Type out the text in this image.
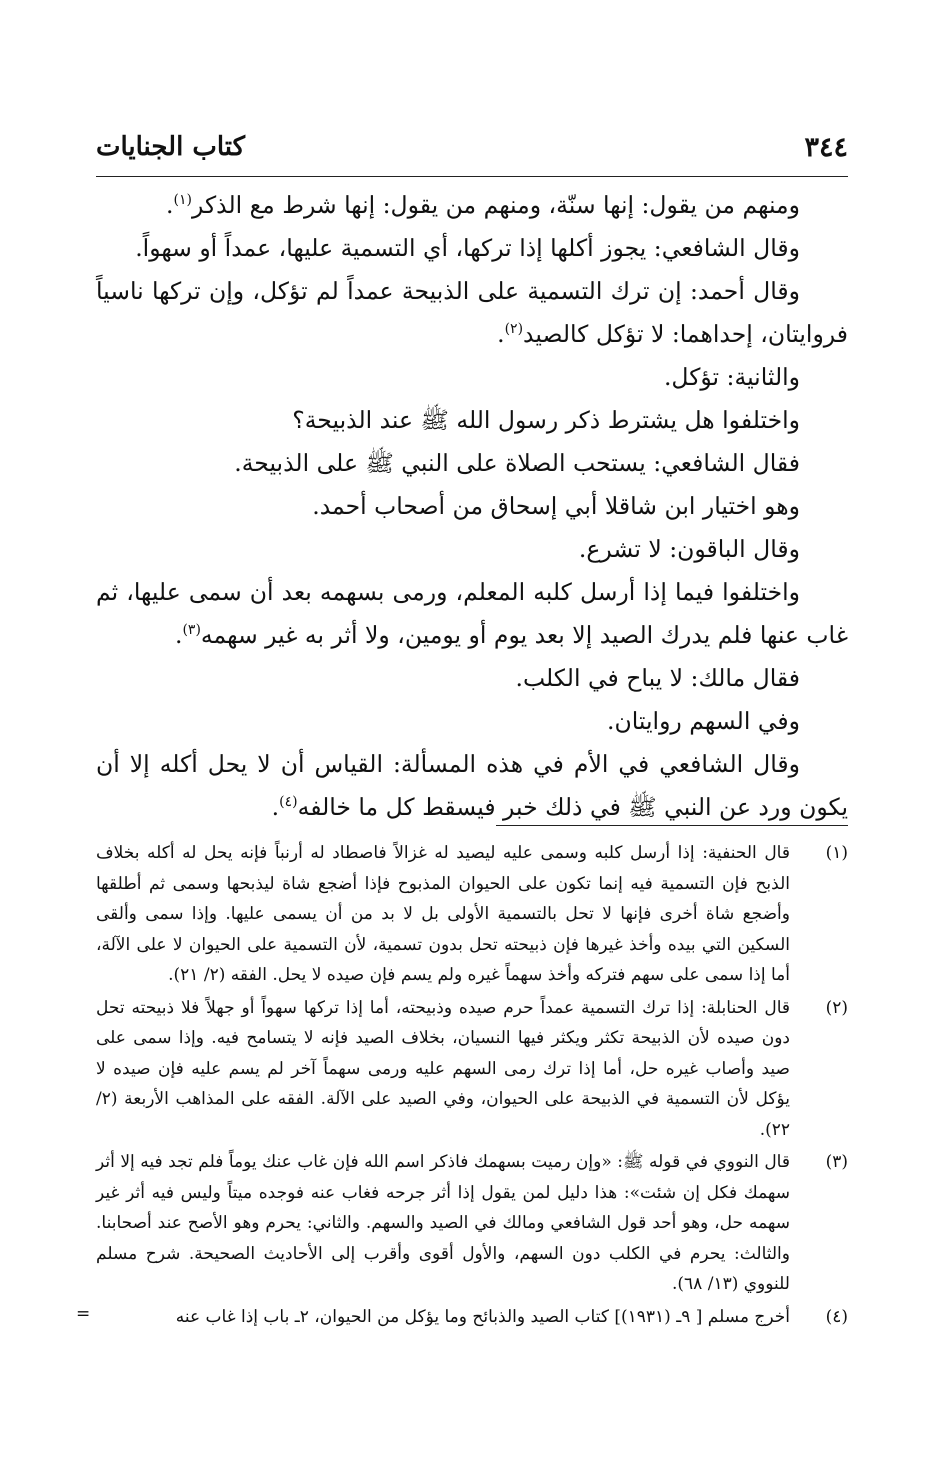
٣٤٤
كتاب الجنايات

ومنهم من يقول: إنها سنّة، ومنهم من يقول: إنها شرط مع الذكر$^{(١)}$.

وقال الشافعي: يجوز أكلها إذا تركها، أي التسمية عليها، عمداً أو سهواً.

وقال أحمد: إن ترك التسمية على الذبيحة عمداً لم تؤكل، وإن تركها ناسياً فروايتان، إحداهما: لا تؤكل كالصيد$^{(٢)}$.

والثانية: تؤكل.

واختلفوا هل يشترط ذكر رسول الله ﷺ عند الذبيحة؟

فقال الشافعي: يستحب الصلاة على النبي ﷺ على الذبيحة.

وهو اختيار ابن شاقلا أبي إسحاق من أصحاب أحمد.

وقال الباقون: لا تشرع.

واختلفوا فيما إذا أرسل كلبه المعلم، ورمى بسهمه بعد أن سمى عليها، ثم غاب عنها فلم يدرك الصيد إلا بعد يوم أو يومين، ولا أثر به غير سهمه$^{(٣)}$.

فقال مالك: لا يباح في الكلب.

وفي السهم روايتان.

وقال الشافعي في الأم في هذه المسألة: القياس أن لا يحل أكله إلا أن يكون ورد عن النبي ﷺ في ذلك خبر فيسقط كل ما خالفه$^{(٤)}$.

(١)
قال الحنفية: إذا أرسل كلبه وسمى عليه ليصيد له غزالاً فاصطاد له أرنباً فإنه يحل له أكله بخلاف الذبح فإن التسمية فيه إنما تكون على الحيوان المذبوح فإذا أضجع شاة ليذبحها وسمى ثم أطلقها وأضجع شاة أخرى فإنها لا تحل بالتسمية الأولى بل لا بد من أن يسمى عليها. وإذا سمى وألقى السكين التي بيده وأخذ غيرها فإن ذبيحته تحل بدون تسمية، لأن التسمية على الحيوان لا على الآلة، أما إذا سمى على سهم فتركه وأخذ سهماً غيره ولم يسم فإن صيده لا يحل. الفقه (٢/ ٢١).
(٢)
قال الحنابلة: إذا ترك التسمية عمداً حرم صيده وذبيحته، أما إذا تركها سهواً أو جهلاً فلا ذبيحته تحل دون صيده لأن الذبيحة تكثر ويكثر فيها النسيان، بخلاف الصيد فإنه لا يتسامح فيه. وإذا سمى على صيد وأصاب غيره حل، أما إذا ترك رمى السهم عليه ورمى سهماً آخر لم يسم عليه فإن صيده لا يؤكل لأن التسمية في الذبيحة على الحيوان، وفي الصيد على الآلة. الفقه على المذاهب الأربعة (٢/ ٢٢).
(٣)
قال النووي في قوله ﷺ: «وإن رميت بسهمك فاذكر اسم الله فإن غاب عنك يوماً فلم تجد فيه إلا أثر سهمك فكل إن شئت»: هذا دليل لمن يقول إذا أثر جرحه فغاب عنه فوجده ميتاً وليس فيه أثر غير سهمه حل، وهو أحد قول الشافعي ومالك في الصيد والسهم. والثاني: يحرم وهو الأصح عند أصحابنا. والثالث: يحرم في الكلب دون السهم، والأول أقوى وأقرب إلى الأحاديث الصحيحة. شرح مسلم للنووي (١٣/ ٦٨).
(٤)
أخرج مسلم [ ٩ـ (١٩٣١)] كتاب الصيد والذبائح وما يؤكل من الحيوان، ٢ـ باب إذا غاب عنه
=
